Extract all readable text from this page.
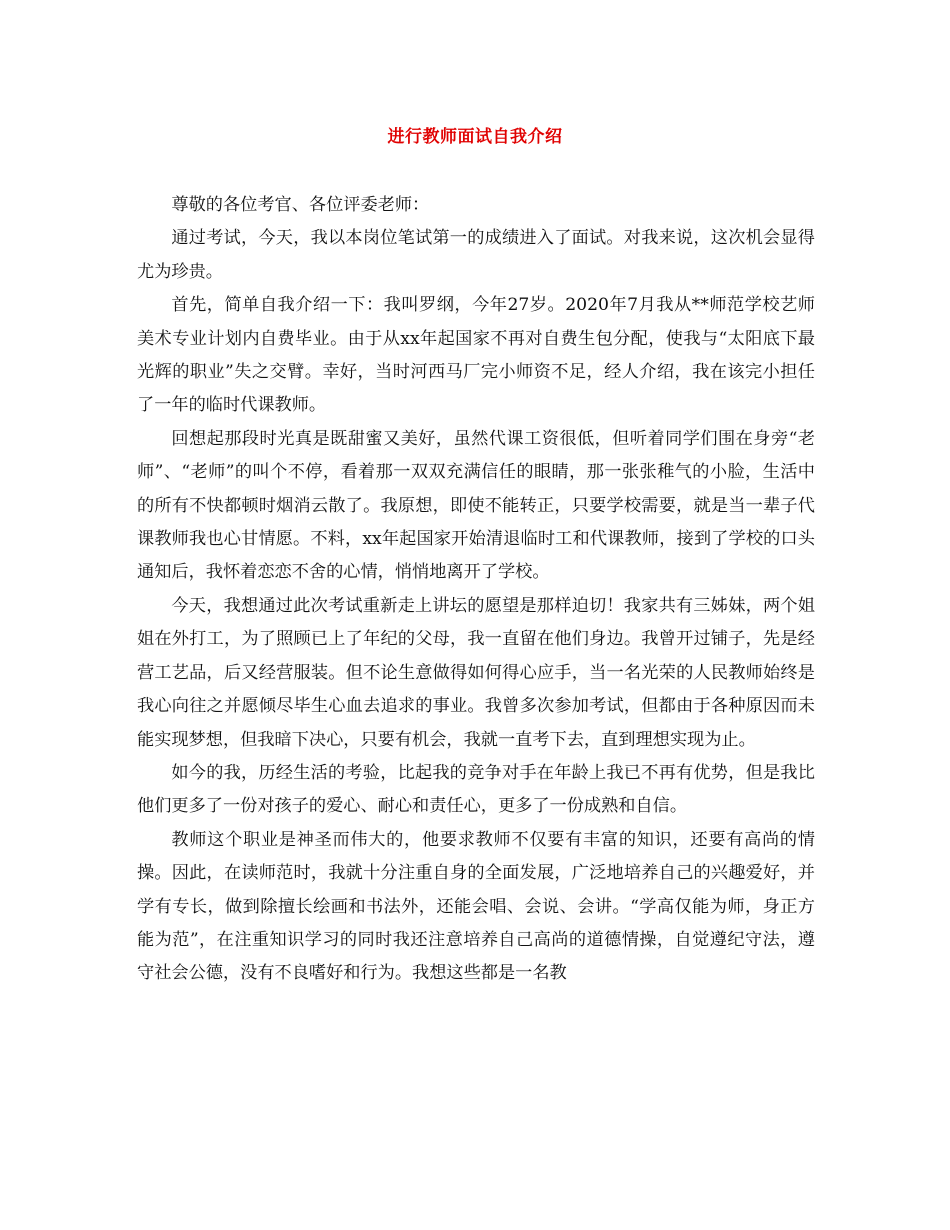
进行教师面试自我介绍

尊敬的各位考官、各位评委老师：

通过考试，今天，我以本岗位笔试第一的成绩进入了面试。对我来说，这次机会显得尤为珍贵。

首先，简单自我介绍一下：我叫罗纲，今年27岁。2020年7月我从**师范学校艺师美术专业计划内自费毕业。由于从xx年起国家不再对自费生包分配，使我与“太阳底下最光辉的职业”失之交臂。幸好，当时河西马厂完小师资不足，经人介绍，我在该完小担任了一年的临时代课教师。

回想起那段时光真是既甜蜜又美好，虽然代课工资很低，但听着同学们围在身旁“老师”、“老师”的叫个不停，看着那一双双充满信任的眼睛，那一张张稚气的小脸，生活中的所有不快都顿时烟消云散了。我原想，即使不能转正，只要学校需要，就是当一辈子代课教师我也心甘情愿。不料，xx年起国家开始清退临时工和代课教师，接到了学校的口头通知后，我怀着恋恋不舍的心情，悄悄地离开了学校。

今天，我想通过此次考试重新走上讲坛的愿望是那样迫切！我家共有三姊妹，两个姐姐在外打工，为了照顾已上了年纪的父母，我一直留在他们身边。我曾开过铺子，先是经营工艺品，后又经营服装。但不论生意做得如何得心应手，当一名光荣的人民教师始终是我心向往之并愿倾尽毕生心血去追求的事业。我曾多次参加考试，但都由于各种原因而未能实现梦想，但我暗下决心，只要有机会，我就一直考下去，直到理想实现为止。

如今的我，历经生活的考验，比起我的竞争对手在年龄上我已不再有优势，但是我比他们更多了一份对孩子的爱心、耐心和责任心，更多了一份成熟和自信。

教师这个职业是神圣而伟大的，他要求教师不仅要有丰富的知识，还要有高尚的情操。因此，在读师范时，我就十分注重自身的全面发展，广泛地培养自己的兴趣爱好，并学有专长，做到除擅长绘画和书法外，还能会唱、会说、会讲。“学高仅能为师，身正方能为范”，在注重知识学习的同时我还注意培养自己高尚的道德情操，自觉遵纪守法，遵守社会公德，没有不良嗜好和行为。我想这些都是一名教
